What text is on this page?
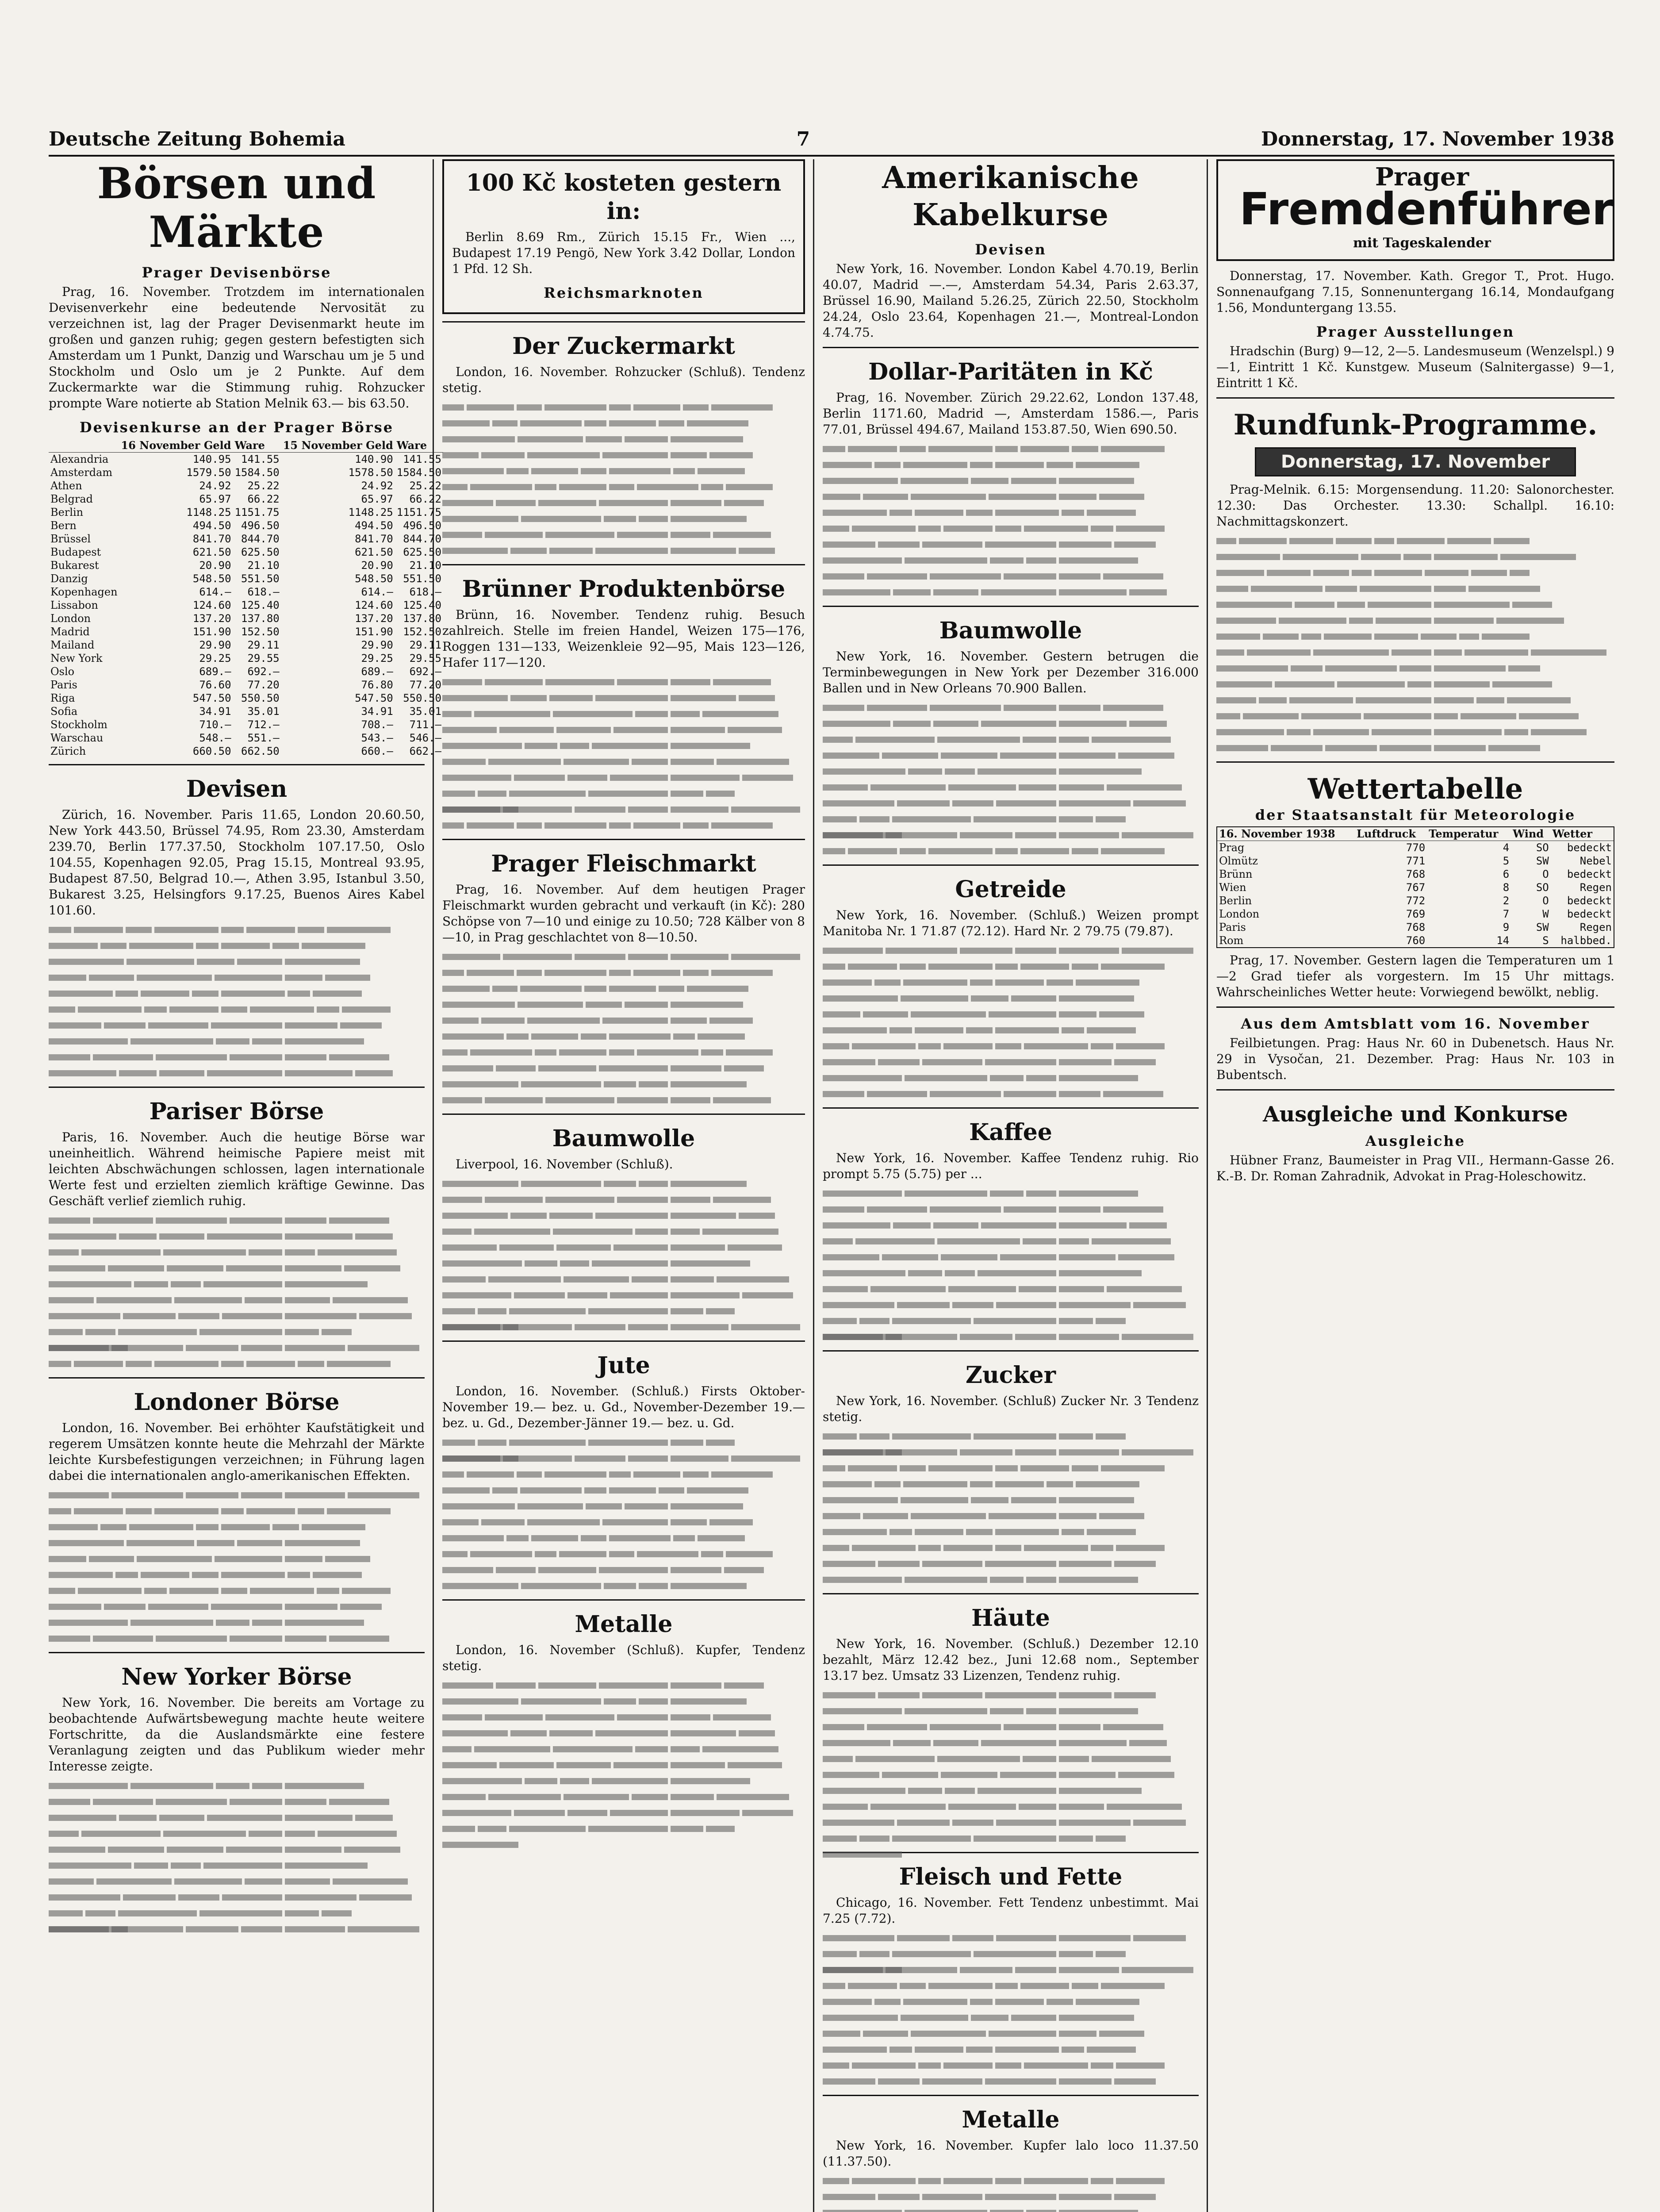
Deutsche Zeitung Bohemia	7	Donnerstag, 17. November 1938
Börsen und Märkte
Prager Devisenbörse

Prag, 16. November. Trotzdem im internationalen Devisenverkehr eine bedeutende Nervosität zu verzeichnen ist, lag der Prager Devisenmarkt heute im großen und ganzen ruhig; gegen gestern befestigten sich Amsterdam um 1 Punkt, Danzig und Warschau um je 5 und Stockholm und Oslo um je 2 Punkte. Auf dem Zuckermarkte war die Stimmung ruhig. Rohzucker prompte Ware notierte ab Station Melnik 63.— bis 63.50.

Devisenkurse an der Prager Börse
	16 November Geld	Ware	15 November Geld	Ware
Alexandria	140.95	141.55	140.90	141.55
Amsterdam	1579.50	1584.50	1578.50	1584.50
Athen	24.92	25.22	24.92	25.22
Belgrad	65.97	66.22	65.97	66.22
Berlin	1148.25	1151.75	1148.25	1151.75
Bern	494.50	496.50	494.50	496.50
Brüssel	841.70	844.70	841.70	844.70
Budapest	621.50	625.50	621.50	625.50
Bukarest	20.90	21.10	20.90	21.10
Danzig	548.50	551.50	548.50	551.50
Kopenhagen	614.—	618.—	614.—	618.—
Lissabon	124.60	125.40	124.60	125.40
London	137.20	137.80	137.20	137.80
Madrid	151.90	152.50	151.90	152.50
Mailand	29.90	29.11	29.90	29.11
New York	29.25	29.55	29.25	29.55
Oslo	689.—	692.—	689.—	692.—
Paris	76.60	77.20	76.80	77.20
Riga	547.50	550.50	547.50	550.50
Sofia	34.91	35.01	34.91	35.01
Stockholm	710.—	712.—	708.—	711.—
Warschau	548.—	551.—	543.—	546.—
Zürich	660.50	662.50	660.—	662.—
Devisen

Zürich, 16. November. Paris 11.65, London 20.60.50, New York 443.50, Brüssel 74.95, Rom 23.30, Amsterdam 239.70, Berlin 177.37.50, Stockholm 107.17.50, Oslo 104.55, Kopenhagen 92.05, Prag 15.15, Montreal 93.95, Budapest 87.50, Belgrad 10.—, Athen 3.95, Istanbul 3.50, Bukarest 3.25, Helsingfors 9.17.25, Buenos Aires Kabel 101.60.

Pariser Börse

Paris, 16. November. Auch die heutige Börse war uneinheitlich. Während heimische Papiere meist mit leichten Abschwächungen schlossen, lagen internationale Werte fest und erzielten ziemlich kräftige Gewinne. Das Geschäft verlief ziemlich ruhig.

Londoner Börse

London, 16. November. Bei erhöhter Kaufstätigkeit und regerem Umsätzen konnte heute die Mehrzahl der Märkte leichte Kursbefestigungen verzeichnen; in Führung lagen dabei die internationalen anglo-amerikanischen Effekten.

New Yorker Börse

New York, 16. November. Die bereits am Vortage zu beobachtende Aufwärtsbewegung machte heute weitere Fortschritte, da die Auslandsmärkte eine festere Veranlagung zeigten und das Publikum wieder mehr Interesse zeigte.

100 Kč kosteten gestern in:

Berlin 8.69 Rm., Zürich 15.15 Fr., Wien ..., Budapest 17.19 Pengö, New York 3.42 Dollar, London 1 Pfd. 12 Sh.

Reichsmarknoten
Der Zuckermarkt

London, 16. November. Rohzucker (Schluß). Tendenz stetig.

Brünner Produktenbörse

Brünn, 16. November. Tendenz ruhig. Besuch zahlreich. Stelle im freien Handel, Weizen 175—176, Roggen 131—133, Weizenkleie 92—95, Mais 123—126, Hafer 117—120.

Prager Fleischmarkt

Prag, 16. November. Auf dem heutigen Prager Fleischmarkt wurden gebracht und verkauft (in Kč): 280 Schöpse von 7—10 und einige zu 10.50; 728 Kälber von 8—10, in Prag geschlachtet von 8—10.50.

Baumwolle

Liverpool, 16. November (Schluß).

Jute

London, 16. November. (Schluß.) Firsts Oktober-November 19.— bez. u. Gd., November-Dezember 19.— bez. u. Gd., Dezember-Jänner 19.— bez. u. Gd.

Metalle

London, 16. November (Schluß). Kupfer, Tendenz stetig.

Amerikanische Kabelkurse
Devisen

New York, 16. November. London Kabel 4.70.19, Berlin 40.07, Madrid —.—, Amsterdam 54.34, Paris 2.63.37, Brüssel 16.90, Mailand 5.26.25, Zürich 22.50, Stockholm 24.24, Oslo 23.64, Kopenhagen 21.—, Montreal-London 4.74.75.

Dollar-Paritäten in Kč

Prag, 16. November. Zürich 29.22.62, London 137.48, Berlin 1171.60, Madrid —, Amsterdam 1586.—, Paris 77.01, Brüssel 494.67, Mailand 153.87.50, Wien 690.50.

Baumwolle

New York, 16. November. Gestern betrugen die Terminbewegungen in New York per Dezember 316.000 Ballen und in New Orleans 70.900 Ballen.

Getreide

New York, 16. November. (Schluß.) Weizen prompt Manitoba Nr. 1 71.87 (72.12). Hard Nr. 2 79.75 (79.87).

Kaffee

New York, 16. November. Kaffee Tendenz ruhig. Rio prompt 5.75 (5.75) per ...

Zucker

New York, 16. November. (Schluß) Zucker Nr. 3 Tendenz stetig.

Häute

New York, 16. November. (Schluß.) Dezember 12.10 bezahlt, März 12.42 bez., Juni 12.68 nom., September 13.17 bez. Umsatz 33 Lizenzen, Tendenz ruhig.

Fleisch und Fette

Chicago, 16. November. Fett Tendenz unbestimmt. Mai 7.25 (7.72).

Metalle

New York, 16. November. Kupfer lalo loco 11.37.50 (11.37.50).

Prager

Fremdenführer

mit Tageskalender

Donnerstag, 17. November. Kath. Gregor T., Prot. Hugo. Sonnenaufgang 7.15, Sonnenuntergang 16.14, Mondaufgang 1.56, Monduntergang 13.55.

Prager Ausstellungen

Hradschin (Burg) 9—12, 2—5. Landesmuseum (Wenzelspl.) 9—1, Eintritt 1 Kč. Kunstgew. Museum (Salnitergasse) 9—1, Eintritt 1 Kč.

Rundfunk-Programme.
Donnerstag, 17. November

Prag-Melnik. 6.15: Morgensendung. 11.20: Salonorchester. 12.30: Das Orchester. 13.30: Schallpl. 16.10: Nachmittagskonzert.

Wettertabelle
der Staatsanstalt für Meteorologie
16. November 1938	Luftdruck	Temperatur	Wind	Wetter
Prag	770	4	SO	bedeckt
Olmütz	771	5	SW	Nebel
Brünn	768	6	O	bedeckt
Wien	767	8	SO	Regen
Berlin	772	2	O	bedeckt
London	769	7	W	bedeckt
Paris	768	9	SW	Regen
Rom	760	14	S	halbbed.

Prag, 17. November. Gestern lagen die Temperaturen um 1—2 Grad tiefer als vorgestern. Im 15 Uhr mittags. Wahrscheinliches Wetter heute: Vorwiegend bewölkt, neblig.

Aus dem Amtsblatt vom 16. November

Feilbietungen. Prag: Haus Nr. 60 in Dubenetsch. Haus Nr. 29 in Vysočan, 21. Dezember. Prag: Haus Nr. 103 in Bubentsch.

Ausgleiche und Konkurse
Ausgleiche

Hübner Franz, Baumeister in Prag VII., Hermann-Gasse 26. K.-B. Dr. Roman Zahradnik, Advokat in Prag-Holeschowitz.
